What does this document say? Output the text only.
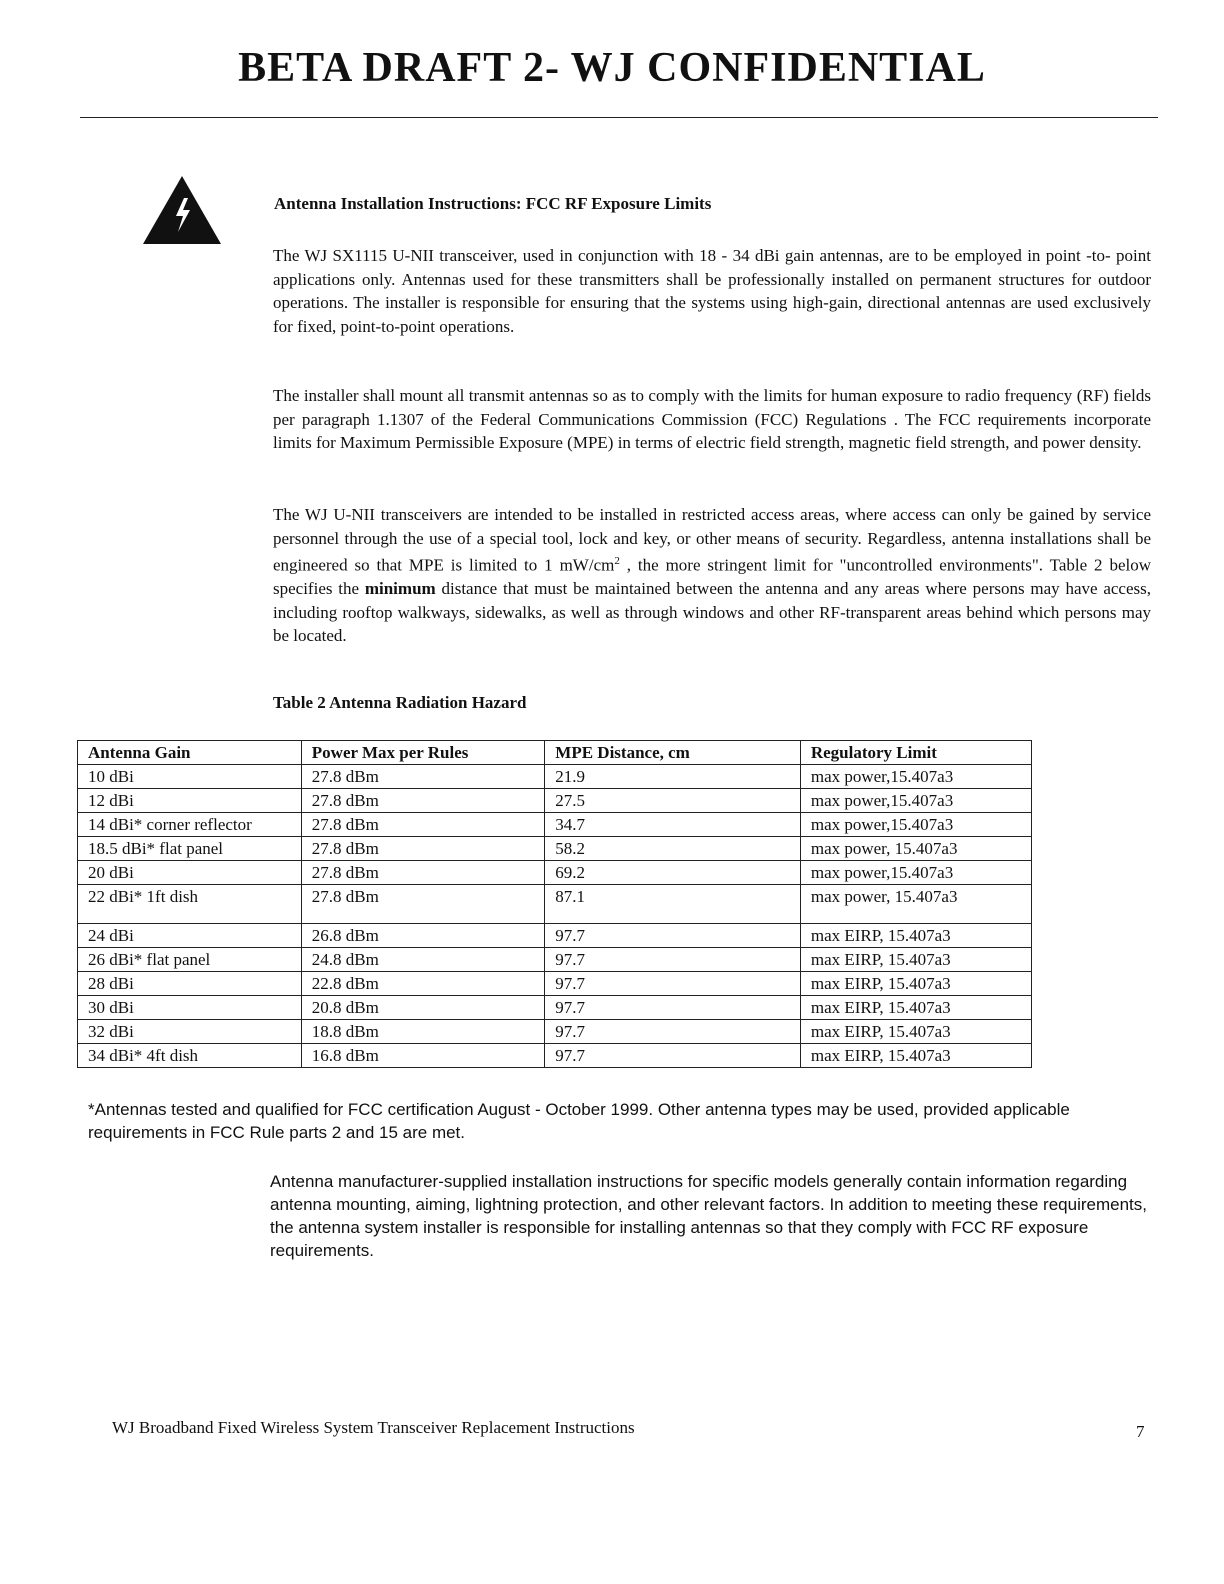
BETA DRAFT 2- WJ CONFIDENTIAL
Antenna Installation Instructions: FCC RF Exposure Limits

The WJ SX1115 U-NII transceiver, used in conjunction with 18 - 34 dBi gain antennas, are to be employed in point -to- point applications only. Antennas used for these transmitters shall be professionally installed on permanent structures for outdoor operations. The installer is responsible for ensuring that the systems using high-gain, directional antennas are used exclusively for fixed, point-to-point operations.

The installer shall mount all transmit antennas so as to comply with the limits for human exposure to radio frequency (RF) fields per paragraph 1.1307 of the Federal Communications Commission (FCC) Regulations . The FCC requirements incorporate limits for Maximum Permissible Exposure (MPE) in terms of electric field strength, magnetic field strength, and power density.

The WJ U-NII transceivers are intended to be installed in restricted access areas, where access can only be gained by service personnel through the use of a special tool, lock and key, or other means of security. Regardless, antenna installations shall be engineered so that MPE is limited to 1 $mW/cm^2$ , the more stringent limit for "uncontrolled environments". Table 2 below specifies the minimum distance that must be maintained between the antenna and any areas where persons may have access, including rooftop walkways, sidewalks, as well as through windows and other RF-transparent areas behind which persons may be located.

Table 2 Antenna Radiation Hazard
Antenna Gain	Power Max per Rules	MPE Distance, cm	Regulatory Limit
10 dBi	27.8 dBm	21.9	max power,15.407a3
12 dBi	27.8 dBm	27.5	max power,15.407a3
14 dBi* corner reflector	27.8 dBm	34.7	max power,15.407a3
18.5 dBi* flat panel	27.8 dBm	58.2	max power, 15.407a3
20 dBi	27.8 dBm	69.2	max power,15.407a3
22 dBi* 1ft dish	27.8 dBm	87.1	max power, 15.407a3
24 dBi	26.8 dBm	97.7	max EIRP, 15.407a3
26 dBi* flat panel	24.8 dBm	97.7	max EIRP, 15.407a3
28 dBi	22.8 dBm	97.7	max EIRP, 15.407a3
30 dBi	20.8 dBm	97.7	max EIRP, 15.407a3
32 dBi	18.8 dBm	97.7	max EIRP, 15.407a3
34 dBi* 4ft dish	16.8 dBm	97.7	max EIRP, 15.407a3

*Antennas tested and qualified for FCC certification August - October 1999. Other antenna types may be used, provided applicable requirements in FCC Rule parts 2 and 15 are met.

Antenna manufacturer-supplied installation instructions for specific models generally contain information regarding antenna mounting, aiming, lightning protection, and other relevant factors. In addition to meeting these requirements, the antenna system installer is responsible for installing antennas so that they comply with FCC RF exposure requirements.

WJ Broadband Fixed Wireless System Transceiver Replacement Instructions	7
